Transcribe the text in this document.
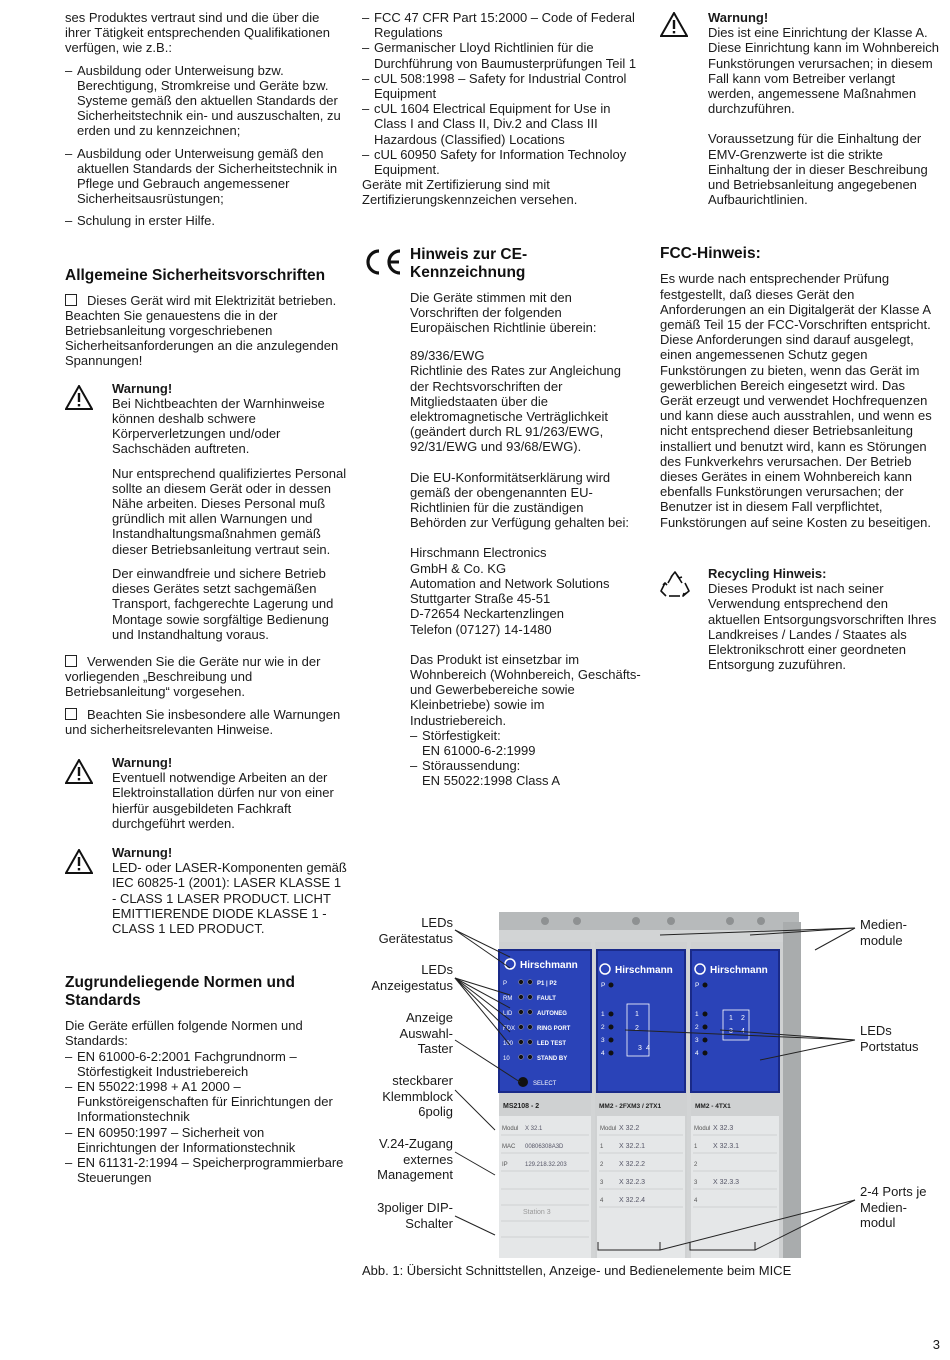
ses Produktes vertraut sind und die über die ihrer Tätigkeit entsprechenden Qualifikationen verfügen, wie z.B.:

– Ausbildung oder Unterweisung bzw. Berechtigung, Stromkreise und Geräte bzw. Systeme gemäß den aktuellen Standards der Sicherheitstechnik ein- und auszuschalten, zu erden und zu kennzeichnen;
– Ausbildung oder Unterweisung gemäß den aktuellen Standards der Sicherheitstechnik in Pflege und Gebrauch angemessener Sicherheitsausrüstungen;
– Schulung in erster Hilfe.
Allgemeine Sicherheitsvorschriften

Dieses Gerät wird mit Elektrizität betrieben. Beachten Sie genauestens die in der Betriebsanleitung vorgeschriebenen Sicherheitsanforderungen an die anzulegenden Spannungen!

Warnung!

Bei Nichtbeachten der Warnhinweise können deshalb schwere Körperverletzungen und/oder Sachschäden auftreten.

Nur entsprechend qualifiziertes Personal sollte an diesem Gerät oder in dessen Nähe arbeiten. Dieses Personal muß gründlich mit allen Warnungen und Instandhaltungsmaßnahmen gemäß dieser Betriebsanleitung vertraut sein.

Der einwandfreie und sichere Betrieb dieses Gerätes setzt sachgemäßen Transport, fachgerechte Lagerung und Montage sowie sorgfältige Bedienung und Instandhaltung voraus.

Verwenden Sie die Geräte nur wie in der vorliegenden „Beschreibung und Betriebsanleitung“ vorgesehen.

Beachten Sie insbesondere alle Warnungen und sicherheitsrelevanten Hinweise.

Warnung!

Eventuell notwendige Arbeiten an der Elektroinstallation dürfen nur von einer hierfür ausgebildeten Fachkraft durchgeführt werden.

Warnung!

LED- oder LASER-Komponenten gemäß IEC 60825-1 (2001): LASER KLASSE 1 - CLASS 1 LASER PRODUCT. LICHT EMITTIERENDE DIODE KLASSE 1 - CLASS 1 LED PRODUCT.

Zugrundeliegende Normen und Standards

Die Geräte erfüllen folgende Normen und Standards:

– EN 61000-6-2:2001 Fachgrundnorm – Störfestigkeit Industriebereich
– EN 55022:1998 + A1 2000 – Funkstöreigenschaften für Einrichtungen der Informationstechnik
– EN 60950:1997 – Sicherheit von Einrichtungen der Informationstechnik
– EN 61131-2:1994 – Speicherprogrammierbare Steuerungen
– FCC 47 CFR Part 15:2000 – Code of Federal Regulations
– Germanischer Lloyd Richtlinien für die Durchführung von Baumusterprüfungen Teil 1
– cUL 508:1998 – Safety for Industrial Control Equipment
– cUL 1604 Electrical Equipment for Use in Class I and Class II, Div.2 and Class III Hazardous (Classified) Locations
– cUL 60950 Safety for Information Technoloy Equipment.

Geräte mit Zertifizierung sind mit Zertifizierungskennzeichen versehen.

Hinweis zur CE-Kennzeichnung

Die Geräte stimmen mit den Vorschriften der folgenden Europäischen Richtlinie überein:

89/336/EWG

Richtlinie des Rates zur Angleichung der Rechtsvorschriften der Mitgliedstaaten über die elektromagnetische Verträglichkeit (geändert durch RL 91/263/EWG, 92/31/EWG und 93/68/EWG).

Die EU-Konformitätserklärung wird gemäß der obengenannten EU-Richtlinien für die zuständigen Behörden zur Verfügung gehalten bei:

Hirschmann Electronics
GmbH & Co. KG
Automation and Network Solutions
Stuttgarter Straße 45-51
D-72654 Neckartenzlingen
Telefon (07127) 14-1480

Das Produkt ist einsetzbar im Wohnbereich (Wohnbereich, Geschäfts- und Gewerbebereiche sowie Kleinbetriebe) sowie im Industriebereich.

– Störfestigkeit:
EN 61000-6-2:1999
– Störaussendung:
EN 55022:1998 Class A
Warnung!

Dies ist eine Einrichtung der Klasse A. Diese Einrichtung kann im Wohnbereich Funkstörungen verursachen; in diesem Fall kann vom Betreiber verlangt werden, angemessene Maßnahmen durchzuführen.

Voraussetzung für die Einhaltung der EMV-Grenzwerte ist die strikte Einhaltung der in dieser Beschreibung und Betriebsanleitung angegebenen Aufbaurichtlinien.

FCC-Hinweis:

Es wurde nach entsprechender Prüfung festgestellt, daß dieses Gerät den Anforderungen an ein Digitalgerät der Klasse A gemäß Teil 15 der FCC-Vorschriften entspricht. Diese Anforderungen sind darauf ausgelegt, einen angemessenen Schutz gegen Funkstörungen zu bieten, wenn das Gerät im gewerblichen Bereich eingesetzt wird. Das Gerät erzeugt und verwendet Hochfrequenzen und kann diese auch ausstrahlen, und wenn es nicht entsprechend dieser Betriebsanleitung installiert und benutzt wird, kann es Störungen des Funkverkehrs verursachen. Der Betrieb dieses Gerätes in einem Wohnbereich kann ebenfalls Funkstörungen verursachen; der Benutzer ist in diesem Fall verpflichtet, Funkstörungen auf seine Kosten zu beseitigen.

Recycling Hinweis:

Dieses Produkt ist nach seiner Verwendung entsprechend den aktuellen Entsorgungsvorschriften Ihres Landkreises / Landes / Staates als Elektronikschrott einer geordneten Entsorgung zuzuführen.

LEDs Gerätestatus
LEDs Anzeigestatus
Anzeige Auswahl-Taster
steckbarer Klemmblock 6polig
V.24-Zugang externes Management
3poliger DIP-Schalter
Medien-module
LEDs Portstatus
2-4 Ports je Medien-modul
Hirschmann
P	P1 | P2
RM	FAULT
LID	AUTONEG
FDX	RING PORT
100	LED TEST
10	STAND BY
SELECT
MS2108 - 2
Modul X 32.1
MAC 00806308A3D
IP	129.218.32.203
Station 3
Hirschmann
P
1
2
3
4
1
2
3 4
MM2 - 2FXM3 / 2TX1
Modul X 32.2
1 X 32.2.1
2 X 32.2.2
3 X 32.2.3
4 X 32.2.4
Hirschmann
P
1
2
3
4
1 2
3 4
MM2 - 4TX1
Modul X 32.3
1 X 32.3.1
2
3 X 32.3.3
4
Abb. 1: Übersicht Schnittstellen, Anzeige- und Bedienelemente beim MICE
3
